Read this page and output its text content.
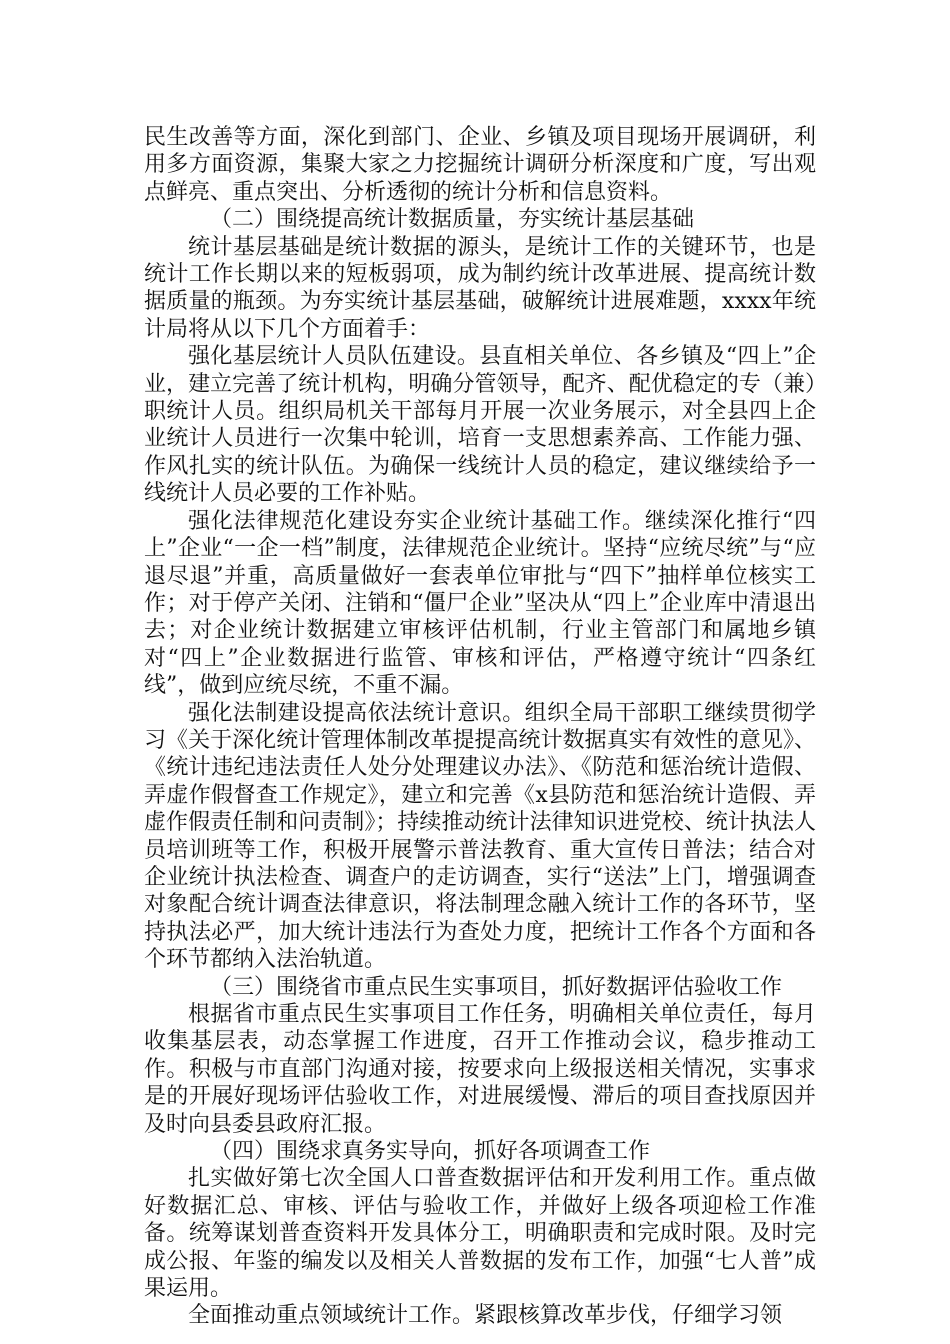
民生改善等方面，深化到部门、企业、乡镇及项目现场开展调研，利用多方面资源，集聚大家之力挖掘统计调研分析深度和广度，写出观点鲜亮、重点突出、分析透彻的统计分析和信息资料。

（二）围绕提高统计数据质量，夯实统计基层基础

统计基层基础是统计数据的源头，是统计工作的关键环节，也是统计工作长期以来的短板弱项，成为制约统计改革进展、提高统计数据质量的瓶颈。为夯实统计基层基础，破解统计进展难题，xxxx年统计局将从以下几个方面着手：

强化基层统计人员队伍建设。县直相关单位、各乡镇及“四上”企业，建立完善了统计机构，明确分管领导，配齐、配优稳定的专（兼）职统计人员。组织局机关干部每月开展一次业务展示，对全县四上企业统计人员进行一次集中轮训，培育一支思想素养高、工作能力强、作风扎实的统计队伍。为确保一线统计人员的稳定，建议继续给予一线统计人员必要的工作补贴。

强化法律规范化建设夯实企业统计基础工作。继续深化推行“四上”企业“一企一档”制度，法律规范企业统计。坚持“应统尽统”与“应退尽退”并重，高质量做好一套表单位审批与“四下”抽样单位核实工作；对于停产关闭、注销和“僵尸企业”坚决从“四上”企业库中清退出去；对企业统计数据建立审核评估机制，行业主管部门和属地乡镇对“四上”企业数据进行监管、审核和评估，严格遵守统计“四条红线”，做到应统尽统，不重不漏。

强化法制建设提高依法统计意识。组织全局干部职工继续贯彻学习《关于深化统计管理体制改革提提高统计数据真实有效性的意见》、《统计违纪违法责任人处分处理建议办法》、《防范和惩治统计造假、弄虚作假督查工作规定》，建立和完善《x县防范和惩治统计造假、弄虚作假责任制和问责制》；持续推动统计法律知识进党校、统计执法人员培训班等工作，积极开展警示普法教育、重大宣传日普法；结合对企业统计执法检查、调查户的走访调查，实行“送法”上门，增强调查对象配合统计调查法律意识，将法制理念融入统计工作的各环节，坚持执法必严，加大统计违法行为查处力度，把统计工作各个方面和各个环节都纳入法治轨道。

（三）围绕省市重点民生实事项目，抓好数据评估验收工作

根据省市重点民生实事项目工作任务，明确相关单位责任，每月收集基层表，动态掌握工作进度，召开工作推动会议，稳步推动工作。积极与市直部门沟通对接，按要求向上级报送相关情况，实事求是的开展好现场评估验收工作，对进展缓慢、滞后的项目查找原因并及时向县委县政府汇报。

（四）围绕求真务实导向，抓好各项调查工作

扎实做好第七次全国人口普查数据评估和开发利用工作。重点做好数据汇总、审核、评估与验收工作，并做好上级各项迎检工作准备。统筹谋划普查资料开发具体分工，明确职责和完成时限。及时完成公报、年鉴的编发以及相关人普数据的发布工作，加强“七人普”成果运用。

全面推动重点领域统计工作。紧跟核算改革步伐，仔细学习领
